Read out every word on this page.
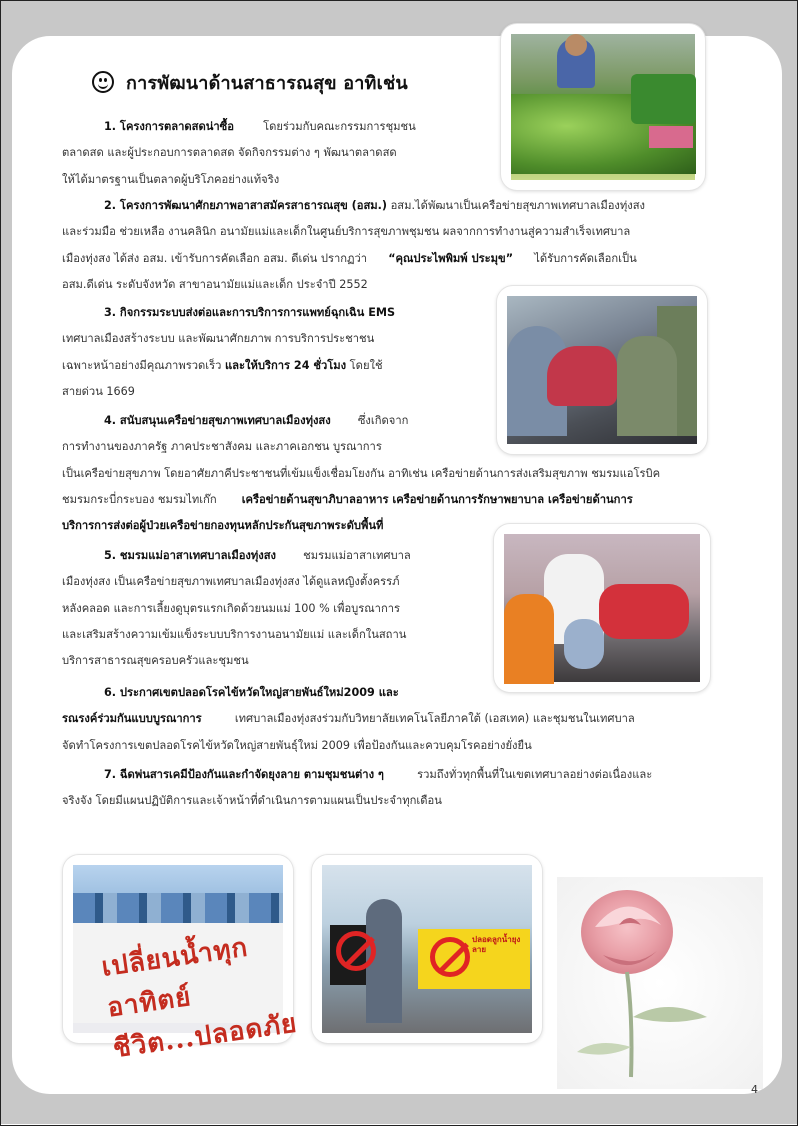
การพัฒนาด้านสาธารณสุข อาทิเช่น
1. โครงการตลาดสดน่าซื้อ	โดยร่วมกับคณะกรรมการชุมชน
ตลาดสด และผู้ประกอบการตลาดสด จัดกิจกรรมต่าง ๆ พัฒนาตลาดสด
ให้ได้มาตรฐานเป็นตลาดผู้บริโภคอย่างแท้จริง
2. โครงการพัฒนาศักยภาพอาสาสมัครสาธารณสุข (อสม.) อสม.ได้พัฒนาเป็นเครือข่ายสุขภาพเทศบาลเมืองทุ่งสง
และร่วมมือ ช่วยเหลือ งานคลินิก อนามัยแม่และเด็กในศูนย์บริการสุขภาพชุมชน ผลจากการทำงานสู่ความสำเร็จเทศบาล
เมืองทุ่งสง ได้ส่ง อสม. เข้ารับการคัดเลือก อสม. ดีเด่น ปรากฏว่า “คุณประไพพิมพ์ ประมุข” ได้รับการคัดเลือกเป็น
อสม.ดีเด่น ระดับจังหวัด สาขาอนามัยแม่และเด็ก ประจำปี 2552
3. กิจกรรมระบบส่งต่อและการบริการการแพทย์ฉุกเฉิน EMS
เทศบาลเมืองสร้างระบบ และพัฒนาศักยภาพ การบริการประชาชน
เฉพาะหน้าอย่างมีคุณภาพรวดเร็ว และให้บริการ 24 ชั่วโมง โดยใช้
สายด่วน 1669
4. สนับสนุนเครือข่ายสุขภาพเทศบาลเมืองทุ่งสง ซึ่งเกิดจาก
การทำงานของภาครัฐ ภาคประชาสังคม และภาคเอกชน บูรณาการ
เป็นเครือข่ายสุขภาพ โดยอาศัยภาคีประชาชนที่เข้มแข็งเชื่อมโยงกัน อาทิเช่น เครือข่ายด้านการส่งเสริมสุขภาพ ชมรมแอโรบิค
ชมรมกระบี่กระบอง ชมรมไทเก๊ก เครือข่ายด้านสุขาภิบาลอาหาร เครือข่ายด้านการรักษาพยาบาล เครือข่ายด้านการ
บริการการส่งต่อผู้ป่วยเครือข่ายกองทุนหลักประกันสุขภาพระดับพื้นที่
5. ชมรมแม่อาสาเทศบาลเมืองทุ่งสง ชมรมแม่อาสาเทศบาล
เมืองทุ่งสง เป็นเครือข่ายสุขภาพเทศบาลเมืองทุ่งสง ได้ดูแลหญิงตั้งครรภ์
หลังคลอด และการเลี้ยงดูบุตรแรกเกิดด้วยนมแม่ 100 % เพื่อบูรณาการ
และเสริมสร้างความเข้มแข็งระบบบริการงานอนามัยแม่ และเด็กในสถาน
บริการสาธารณสุขครอบครัวและชุมชน
6. ประกาศเขตปลอดโรคไข้หวัดใหญ่สายพันธ์ใหม่2009 และ
รณรงค์ร่วมกันแบบบูรณาการ	เทศบาลเมืองทุ่งสงร่วมกับวิทยาลัยเทคโนโลยีภาคใต้ (เอสเทค) และชุมชนในเทศบาล
จัดทำโครงการเขตปลอดโรคไข้หวัดใหญ่สายพันธุ์ใหม่ 2009 เพื่อป้องกันและควบคุมโรคอย่างยั่งยืน
7. ฉีดพ่นสารเคมีป้องกันและกำจัดยุงลาย ตามชุมชนต่าง ๆ	รวมถึงทั่วทุกพื้นที่ในเขตเทศบาลอย่างต่อเนื่องและ
จริงจัง โดยมีแผนปฏิบัติการและเจ้าหน้าที่ดำเนินการตามแผนเป็นประจำทุกเดือน
เปลี่ยนน้ำทุกอาทิตย์ ชีวิต...ปลอดภัย
ปลอดลูกน้ำยุงลาย
4
